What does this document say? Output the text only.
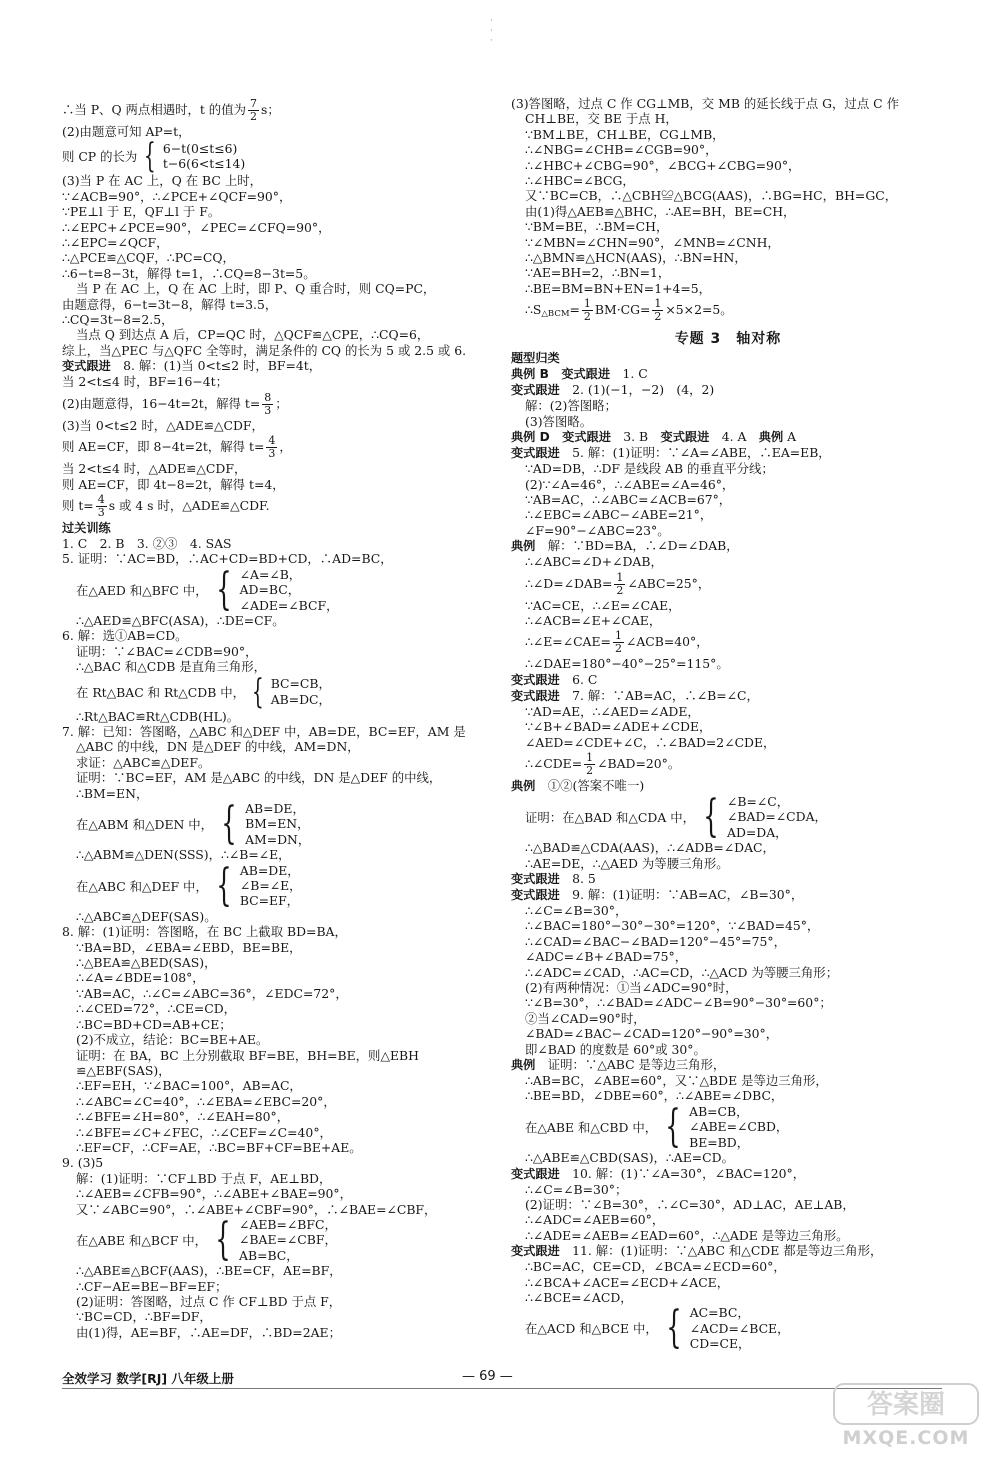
·
·
·
∴当 P、Q 两点相遇时，t 的值为 $\frac{7}{2}$ s；
(2)由题意可知 AP=t，
则 CP 的长为 { 6−t(0≤t≤6)
t−6(6<t≤14)
(3)当 P 在 AC 上，Q 在 BC 上时，
∵∠ACB=90°，∴∠PCE+∠QCF=90°，
∵PE⊥l 于 E，QF⊥l 于 F。
∴∠EPC+∠PCE=90°，∠PEC=∠CFQ=90°，
∴∠EPC=∠QCF，
∴△PCE≌△CQF，∴PC=CQ，
∴6−t=8−3t，解得 t=1，∴CQ=8−3t=5。
当 P 在 AC 上，Q 在 AC 上时，即 P、Q 重合时，则 CQ=PC，
由题意得，6−t=3t−8，解得 t=3.5，
∴CQ=3t−8=2.5，
当点 Q 到达点 A 后，CP=QC 时，△QCF≌△CPE，∴CQ=6，
综上，当△PEC 与△QFC 全等时，满足条件的 CQ 的长为 5 或 2.5 或 6.
变式跟进　 8. 解：(1)当 0<t≤2 时，BF=4t，
当 2<t≤4 时，BF=16−4t；
(2)由题意得，16−4t=2t，解得 $t= \frac{8}{3}$ ；
(3)当 0<t≤2 时，△ADE≌△CDF，
则 AE=CF，即 8−4t=2t，解得 $t= \frac{4}{3}$ ，
当 2<t≤4 时，△ADE≌△CDF，
则 AE=CF，即 4t−8=2t，解得 t=4，
则 $t= \frac{4}{3}$ s 或 4 s 时，△ADE≌△CDF.
过关训练
1. C　2. B　3. ②③　4. SAS
5. 证明：∵AC=BD，∴AC+CD=BD+CD，∴AD=BC，
在△AED 和△BFC 中， { ∠A=∠B，
AD=BC，
∠ADE=∠BCF，
∴△AED≌△BFC(ASA)，∴DE=CF。
6. 解：选①AB=CD。
证明：∵∠BAC=∠CDB=90°，
∴△BAC 和△CDB 是直角三角形，
在 Rt△BAC 和 Rt△CDB 中， { BC=CB，
AB=DC，
∴Rt△BAC≌Rt△CDB(HL)。
7. 解：已知：答图略，△ABC 和△DEF 中，AB=DE，BC=EF，AM 是
△ABC 的中线，DN 是△DEF 的中线，AM=DN，
求证：△ABC≌△DEF。
证明：∵BC=EF，AM 是△ABC 的中线，DN 是△DEF 的中线，
∴BM=EN，
在△ABM 和△DEN 中， { AB=DE，
BM=EN，
AM=DN，
∴△ABM≌△DEN(SSS)，∴∠B=∠E，
在△ABC 和△DEF 中， { AB=DE，
∠B=∠E，
BC=EF，
∴△ABC≌△DEF(SAS)。
8. 解：(1)证明：答图略，在 BC 上截取 BD=BA，
∵BA=BD，∠EBA=∠EBD，BE=BE，
∴△BEA≌△BED(SAS)，
∴∠A=∠BDE=108°，
∵AB=AC，∴∠C=∠ABC=36°，∠EDC=72°，
∴∠CED=72°，∴CE=CD，
∴BC=BD+CD=AB+CE；
(2)不成立，结论：BC=BE+AE。
证明：在 BA，BC 上分别截取 BF=BE，BH=BE，则△EBH
≌△EBF(SAS)，
∴EF=EH，∵∠BAC=100°，AB=AC，
∴∠ABC=∠C=40°，∴∠EBA=∠EBC=20°，
∴∠BFE=∠H=80°，∴∠EAH=80°，
∴∠BFE=∠C+∠FEC，∴∠CEF=∠C=40°，
∴EF=CF，∴CF=AE，∴BC=BF+CF=BE+AE。
9. (3)5
解：(1)证明：∵CF⊥BD 于点 F，AE⊥BD，
∴∠AEB=∠CFB=90°，∴∠ABE+∠BAE=90°，
又∵∠ABC=90°，∴∠ABE+∠CBF=90°，∴∠BAE=∠CBF，
在△ABE 和△BCF 中， { ∠AEB=∠BFC，
∠BAE=∠CBF，
AB=BC，
∴△ABE≌△BCF(AAS)，∴BE=CF，AE=BF，
∴CF−AE=BE−BF=EF；
(2)证明：答图略，过点 C 作 CF⊥BD 于点 F，
∵BC=CD，∴BF=DF，
由(1)得，AE=BF，∴AE=DF，∴BD=2AE；
(3)答图略，过点 C 作 CG⊥MB，交 MB 的延长线于点 G，过点 C 作
CH⊥BE，交 BE 于点 H，
∵BM⊥BE，CH⊥BE，CG⊥MB，
∴∠NBG=∠CHB=∠CGB=90°，
∴∠HBC+∠CBG=90°，∠BCG+∠CBG=90°，
∴∠HBC=∠BCG，
又∵BC=CB，∴△CBH≌△BCG(AAS)，∴BG=HC，BH=GC，
由(1)得△AEB≌△BHC，∴AE=BH，BE=CH，
∵BM=BE，∴BM=CH，
∵∠MBN=∠CHN=90°，∠MNB=∠CNH，
∴△BMN≌△HCN(AAS)，∴BN=HN，
∵AE=BH=2，∴BN=1，
∴BE=BM=BN+EN=1+4=5，
$\therefore S_{\triangle BCM}= \frac{1}{2} BM\cdot CG= \frac{1}{2} \times 5\times 2=5$。
专题 3　轴对称
题型归类
典例 B　 变式跟进　 1. C
变式跟进　 2. (1)(−1，−2)　(4，2)
解：(2)答图略；
(3)答图略。
典例 D　 变式跟进　 3. B　 变式跟进　 4. A　 典例 A
变式跟进　 5. 解：(1)证明：∵∠A=∠ABE，∴EA=EB，
∵AD=DB，∴DF 是线段 AB 的垂直平分线；
(2)∵∠A=46°，∴∠ABE=∠A=46°，
∵AB=AC，∴∠ABC=∠ACB=67°，
∴∠EBC=∠ABC−∠ABE=21°，
∠F=90°−∠ABC=23°。
典例　 解：∵BD=BA，∴∠D=∠DAB，
∴∠ABC=∠D+∠DAB，
∴∠D=∠DAB= $\frac{1}{2}$ ∠ABC=25°，
∵AC=CE，∴∠E=∠CAE，
∴∠ACB=∠E+∠CAE，
∴∠E=∠CAE= $\frac{1}{2}$ ∠ACB=40°，
∴∠DAE=180°−40°−25°=115°。
变式跟进　 6. C
变式跟进　 7. 解：∵AB=AC，∴∠B=∠C，
∵AD=AE，∴∠AED=∠ADE，
∵∠B+∠BAD=∠ADE+∠CDE，
∠AED=∠CDE+∠C，∴∠BAD=2∠CDE，
∴∠CDE= $\frac{1}{2}$ ∠BAD=20°。
典例　 ①②(答案不唯一)
证明：在△BAD 和△CDA 中， { ∠B=∠C，
∠BAD=∠CDA，
AD=DA，
∴△BAD≌△CDA(AAS)，∴∠ADB=∠DAC，
∴AE=DE，∴△AED 为等腰三角形。
变式跟进　 8. 5
变式跟进　 9. 解：(1)证明：∵AB=AC，∠B=30°，
∴∠C=∠B=30°，
∴∠BAC=180°−30°−30°=120°，∵∠BAD=45°，
∴∠CAD=∠BAC−∠BAD=120°−45°=75°，
∠ADC=∠B+∠BAD=75°，
∴∠ADC=∠CAD，∴AC=CD，∴△ACD 为等腰三角形；
(2)有两种情况：①当∠ADC=90°时，
∵∠B=30°，∴∠BAD=∠ADC−∠B=90°−30°=60°；
②当∠CAD=90°时，
∠BAD=∠BAC−∠CAD=120°−90°=30°，
即∠BAD 的度数是 60°或 30°。
典例　 证明：∵△ABC 是等边三角形，
∴AB=BC，∠ABE=60°，又∵△BDE 是等边三角形，
∴BE=BD，∠DBE=60°，∴∠ABE=∠DBC，
在△ABE 和△CBD 中， { AB=CB，
∠ABE=∠CBD，
BE=BD，
∴△ABE≌△CBD(SAS)，∴AE=CD。
变式跟进　 10. 解：(1)∵∠A=30°，∠BAC=120°，
∴∠C=∠B=30°；
(2)证明：∵∠B=30°，∴∠C=30°，AD⊥AC，AE⊥AB，
∴∠ADC=∠AEB=60°，
∴∠ADE=∠AEB=∠EAD=60°，∴△ADE 是等边三角形。
变式跟进　 11. 解：(1)证明：∵△ABC 和△CDE 都是等边三角形，
∴BC=AC，CE=CD，∠BCA=∠ECD=60°，
∴∠BCA+∠ACE=∠ECD+∠ACE，
∴∠BCE=∠ACD，
在△ACD 和△BCE 中， { AC=BC，
∠ACD=∠BCE，
CD=CE，
全效学习 数学[RJ] 八年级上册	— 69 —
答案圈
MXQE.COM
